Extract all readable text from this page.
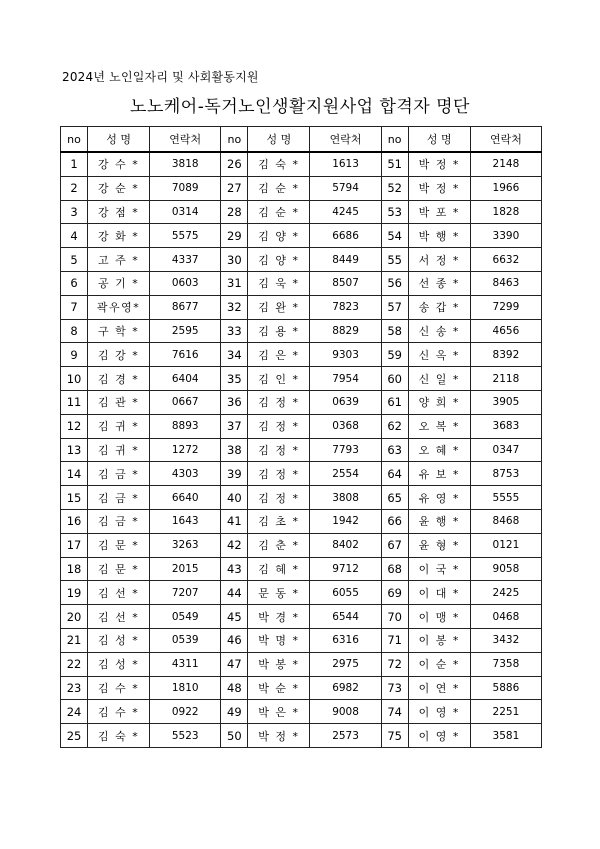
2024년 노인일자리 및 사회활동지원
노노케어-독거노인생활지원사업 합격자 명단
no	성 명	연락처	no	성 명	연락처	no	성 명	연락처
1	강 수 *	3818	26	김 숙 *	1613	51	박 정 *	2148
2	강 순 *	7089	27	김 순 *	5794	52	박 정 *	1966
3	강 점 *	0314	28	김 순 *	4245	53	박 포 *	1828
4	강 화 *	5575	29	김 양 *	6686	54	박 행 *	3390
5	고 주 *	4337	30	김 양 *	8449	55	서 정 *	6632
6	공 기 *	0603	31	김 욱 *	8507	56	선 종 *	8463
7	곽우영*	8677	32	김 완 *	7823	57	송 갑 *	7299
8	구 학 *	2595	33	김 용 *	8829	58	신 송 *	4656
9	김 강 *	7616	34	김 은 *	9303	59	신 옥 *	8392
10	김 경 *	6404	35	김 인 *	7954	60	신 일 *	2118
11	김 관 *	0667	36	김 정 *	0639	61	양 희 *	3905
12	김 귀 *	8893	37	김 정 *	0368	62	오 복 *	3683
13	김 귀 *	1272	38	김 정 *	7793	63	오 혜 *	0347
14	김 금 *	4303	39	김 정 *	2554	64	유 보 *	8753
15	김 금 *	6640	40	김 정 *	3808	65	유 영 *	5555
16	김 금 *	1643	41	김 초 *	1942	66	윤 행 *	8468
17	김 문 *	3263	42	김 춘 *	8402	67	윤 형 *	0121
18	김 문 *	2015	43	김 혜 *	9712	68	이 국 *	9058
19	김 선 *	7207	44	문 동 *	6055	69	이 대 *	2425
20	김 선 *	0549	45	박 경 *	6544	70	이 맹 *	0468
21	김 성 *	0539	46	박 명 *	6316	71	이 봉 *	3432
22	김 성 *	4311	47	박 봉 *	2975	72	이 순 *	7358
23	김 수 *	1810	48	박 순 *	6982	73	이 연 *	5886
24	김 수 *	0922	49	박 은 *	9008	74	이 영 *	2251
25	김 숙 *	5523	50	박 정 *	2573	75	이 영 *	3581
